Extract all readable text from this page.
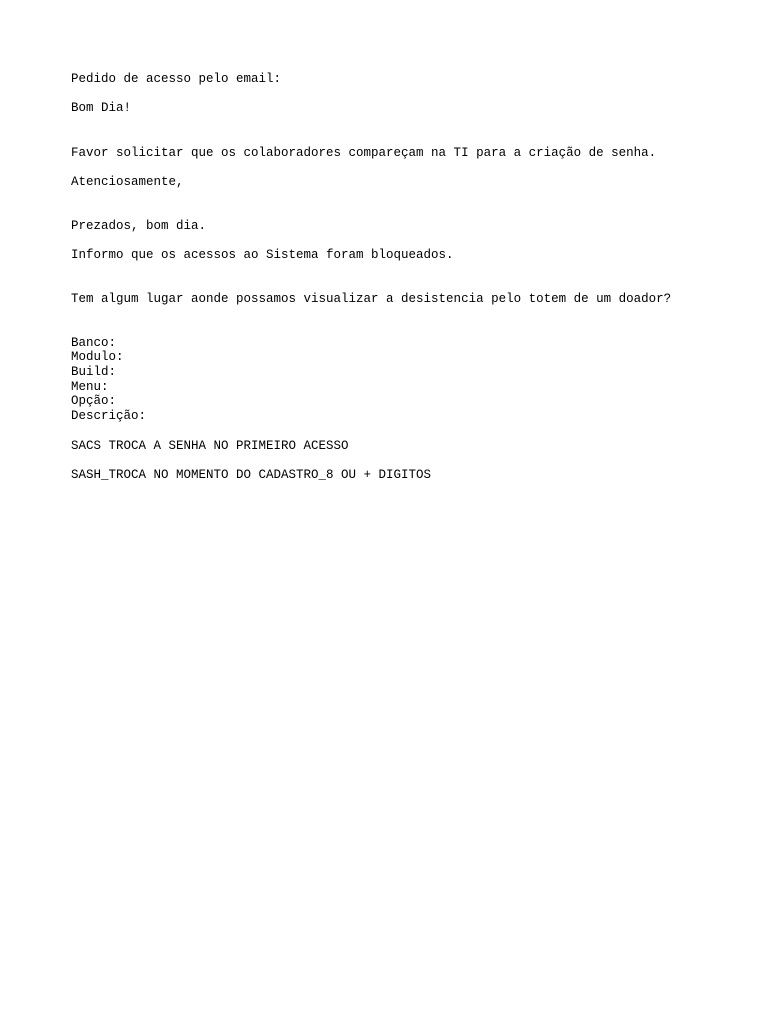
Pedido de acesso pelo email:
Bom Dia!
Favor solicitar que os colaboradores compareçam na TI para a criação de senha.
Atenciosamente,
Prezados, bom dia.
Informo que os acessos ao Sistema foram bloqueados.
Tem algum lugar aonde possamos visualizar a desistencia pelo totem de um doador?
Banco:
Modulo:
Build:
Menu:
Opção:
Descrição:
SACS TROCA A SENHA NO PRIMEIRO ACESSO
SASH_TROCA NO MOMENTO DO CADASTRO_8 OU + DIGITOS
